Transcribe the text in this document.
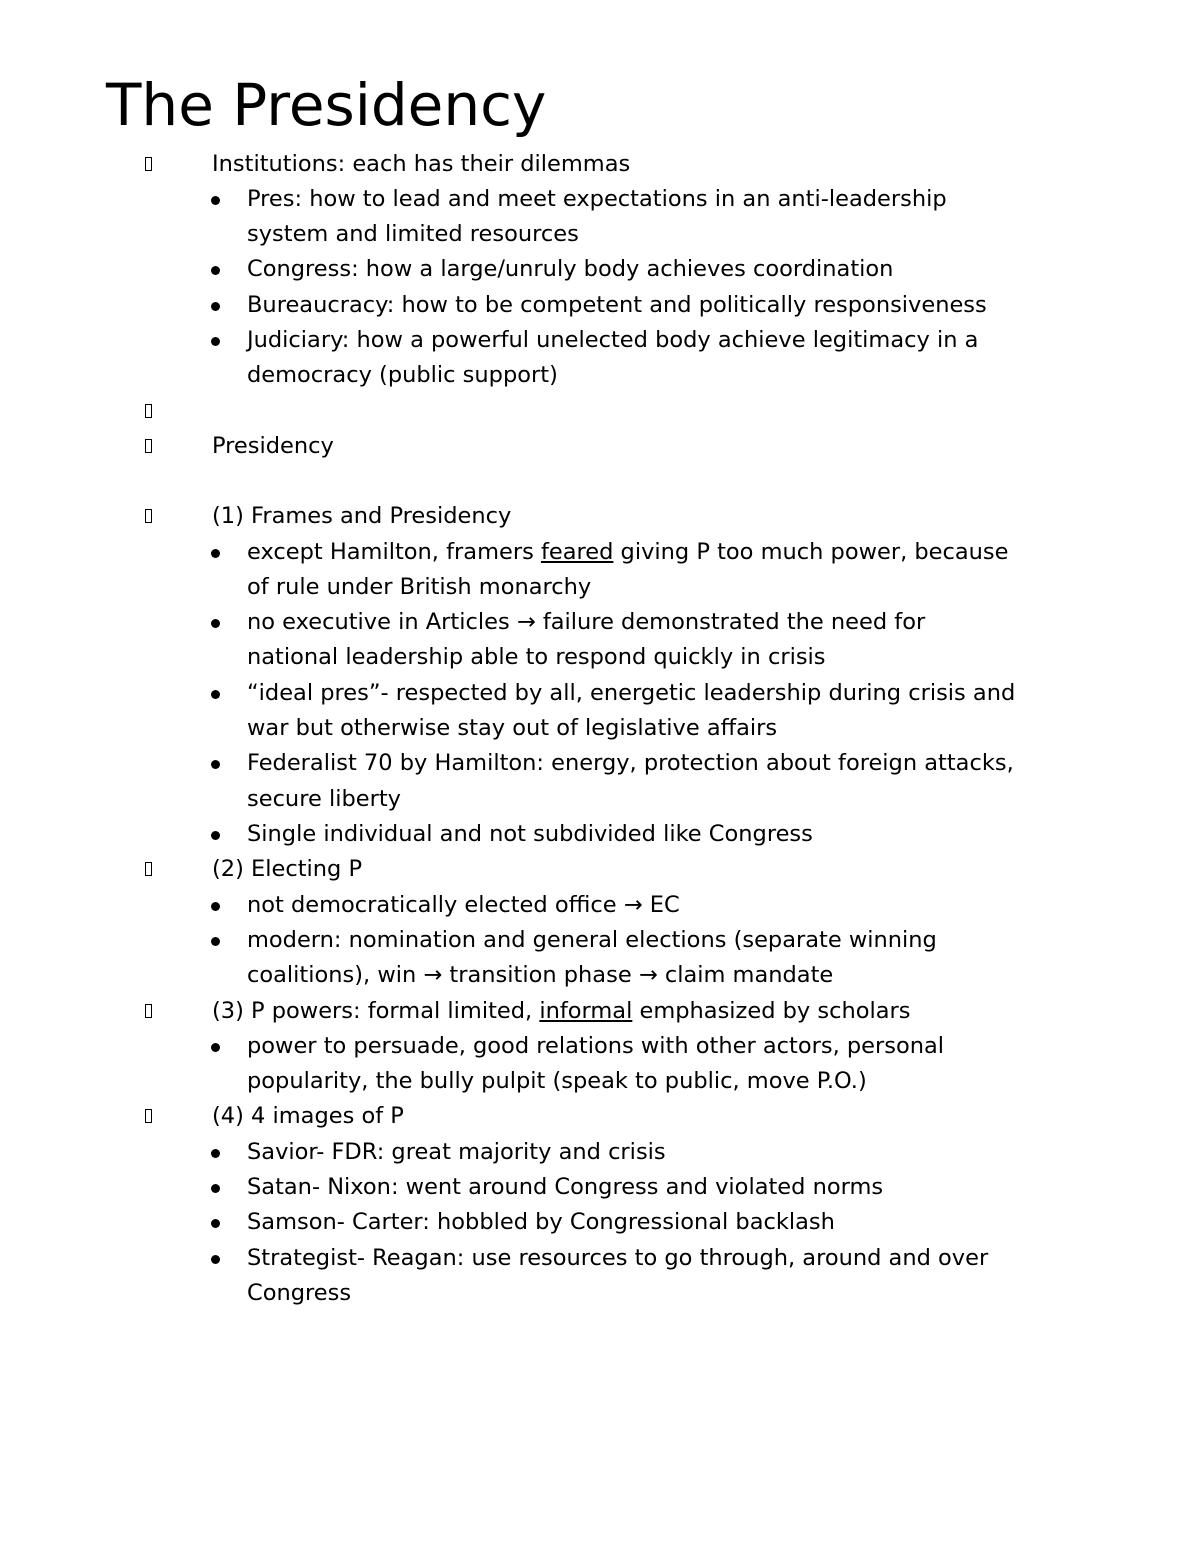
The Presidency
Institutions: each has their dilemmas
Pres: how to lead and meet expectations in an anti-leadership
system and limited resources
Congress: how a large/unruly body achieves coordination
Bureaucracy: how to be competent and politically responsiveness
Judiciary: how a powerful unelected body achieve legitimacy in a
democracy (public support)
Presidency
(1) Frames and Presidency
except Hamilton, framers feared giving P too much power, because
of rule under British monarchy
no executive in Articles → failure demonstrated the need for
national leadership able to respond quickly in crisis
“ideal pres”- respected by all, energetic leadership during crisis and
war but otherwise stay out of legislative affairs
Federalist 70 by Hamilton: energy, protection about foreign attacks,
secure liberty
Single individual and not subdivided like Congress
(2) Electing P
not democratically elected office → EC
modern: nomination and general elections (separate winning
coalitions), win → transition phase → claim mandate
(3) P powers: formal limited, informal emphasized by scholars
power to persuade, good relations with other actors, personal
popularity, the bully pulpit (speak to public, move P.O.)
(4) 4 images of P
Savior- FDR: great majority and crisis
Satan- Nixon: went around Congress and violated norms
Samson- Carter: hobbled by Congressional backlash
Strategist- Reagan: use resources to go through, around and over
Congress
